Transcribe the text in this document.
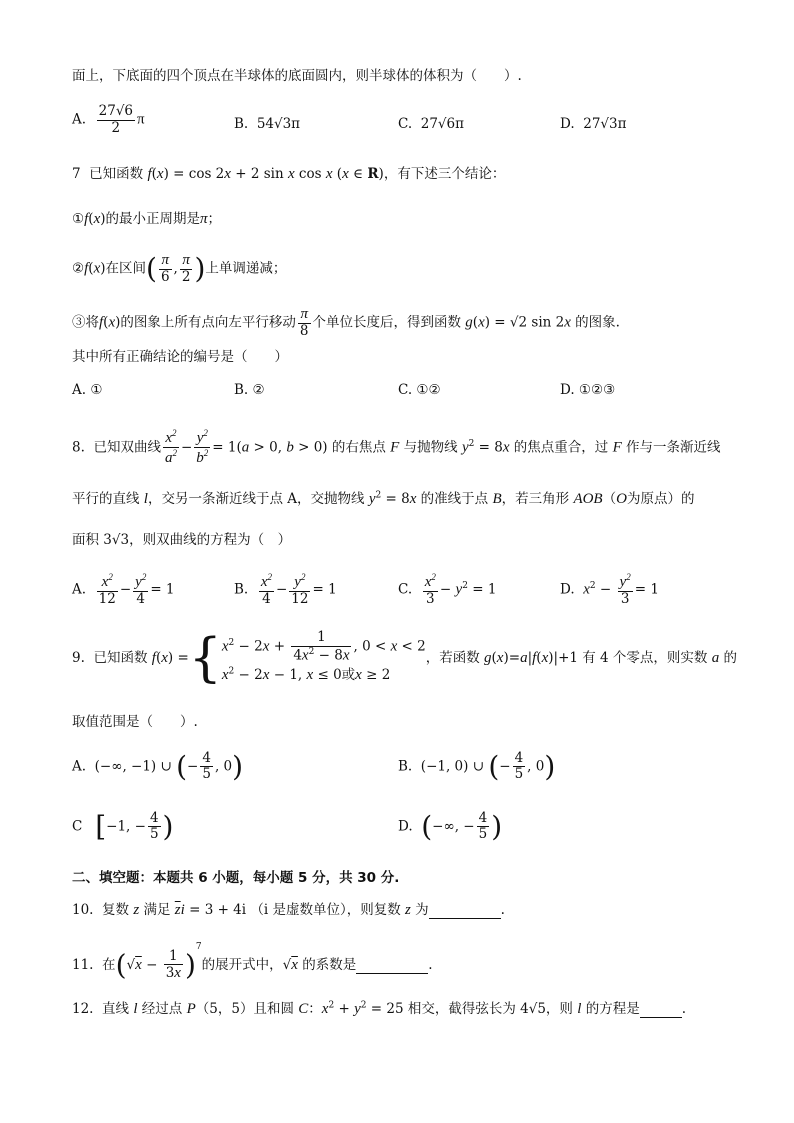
面上，下底面的四个顶点在半球体的底面圆内，则半球体的体积为（　　）.
A. $\frac{27√6}{2}$ π	B. 54√3π	C. 27√6π	D. 27√3π
7  已知函数 f(x) = cos 2x + 2 sin x cos x (x ∈ R)，有下述三个结论：
①f(x)的最小正周期是π；
②f(x)在区间( $\frac{\pi}{6}$ , $\frac{\pi}{2}$ )上单调递减；
③将f(x)的图象上所有点向左平行移动 $\frac{\pi}{8}$ 个单位长度后，得到函数 g(x) = √2 sin 2x 的图象.
其中所有正确结论的编号是（　　）
A. ①	B. ②	C. ①②	D. ①②③
8.  已知双曲线 $\frac{x^2}{a^2} - \frac{y^2}{b^2} = 1(a > 0$, b > 0) 的右焦点 F 与抛物线 $y^2 = 8x$ 的焦点重合，过 F 作与一条渐近线
平行的直线 l，交另一条渐近线于点 A，交抛物线 $y^2 = 8x$ 的准线于点 B，若三角形 AOB（O为原点）的
面积 3√3，则双曲线的方程为（　）
A. $\frac{x^2}{12} - \frac{y^2}{4} = 1$	B. $\frac{x^2}{4} - \frac{y^2}{12} = 1$	C. $\frac{x^2}{3} - y^2 = 1$	D. $x^2 - \frac{y^2}{3} = 1$
9.  已知函数 f(x) ={ $x^2 - 2x + \frac{1}{4x^2 - 8x}$ , 0 < x < 2
$x^2 - 2x - 1$, x ≤ 0或x ≥ 2
，若函数 g(x)=a|f(x)|+1 有 4 个零点，则实数 a 的
取值范围是（　　）.
A.  (−∞, −1) ∪ (− $\frac{4}{5}$ , 0)	B.  (−1, 0) ∪ (− $\frac{4}{5}$ , 0)
C [−1, − $\frac{4}{5}$ )	D. (−∞, − $\frac{4}{5}$ )
二、填空题：本题共 6 小题，每小题 5 分，共 30 分.
10.  复数 z 满足 $\overline{z}i = 3 + 4i$ （i 是虚数单位），则复数 z 为	.
11.  在$(√x - \frac{1}{3x} )^7$的展开式中，√x 的系数是	.
12.  直线 l 经过点 P（5，5）且和圆 C：$x^2 + y^2 = 25$ 相交，截得弦长为 4√5，则 l 的方程是	.
